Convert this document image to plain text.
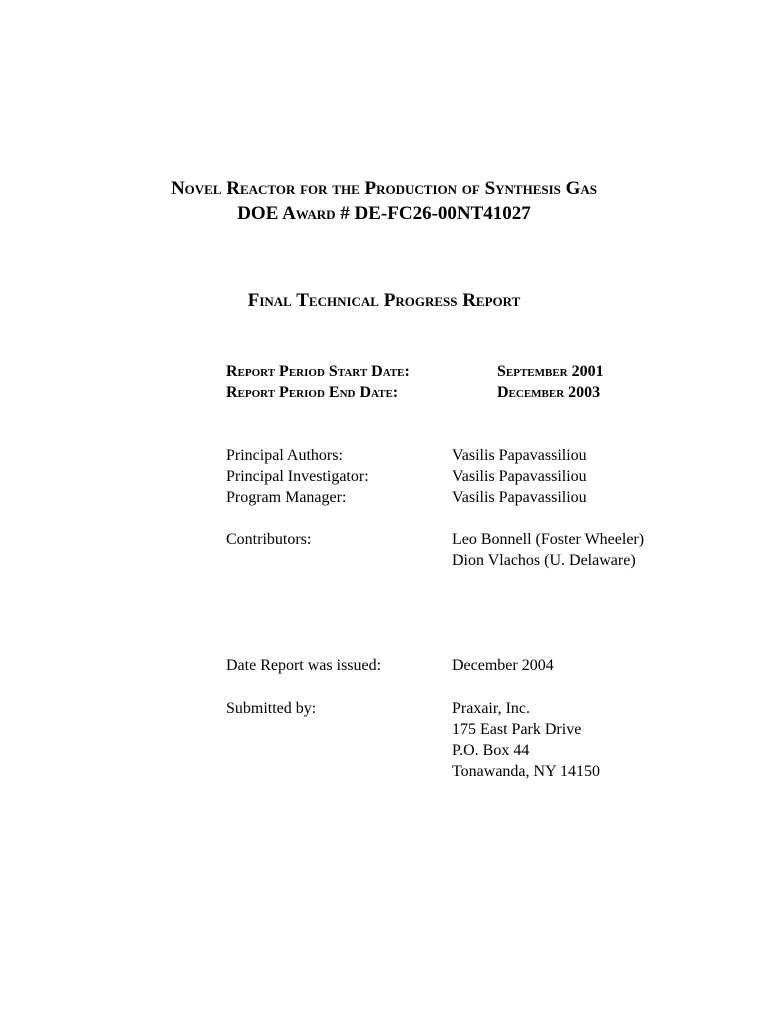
Novel Reactor for the Production of Synthesis Gas
DOE Award # DE-FC26-00NT41027
Final Technical Progress Report
Report Period Start Date:	September 2001
Report Period End Date:	December 2003
Principal Authors:	Vasilis Papavassiliou
Principal Investigator:	Vasilis Papavassiliou
Program Manager:	Vasilis Papavassiliou
Contributors:	Leo Bonnell (Foster Wheeler)
Dion Vlachos (U. Delaware)
Date Report was issued:	December 2004
Submitted by:	Praxair, Inc.
175 East Park Drive
P.O. Box 44
Tonawanda, NY 14150
